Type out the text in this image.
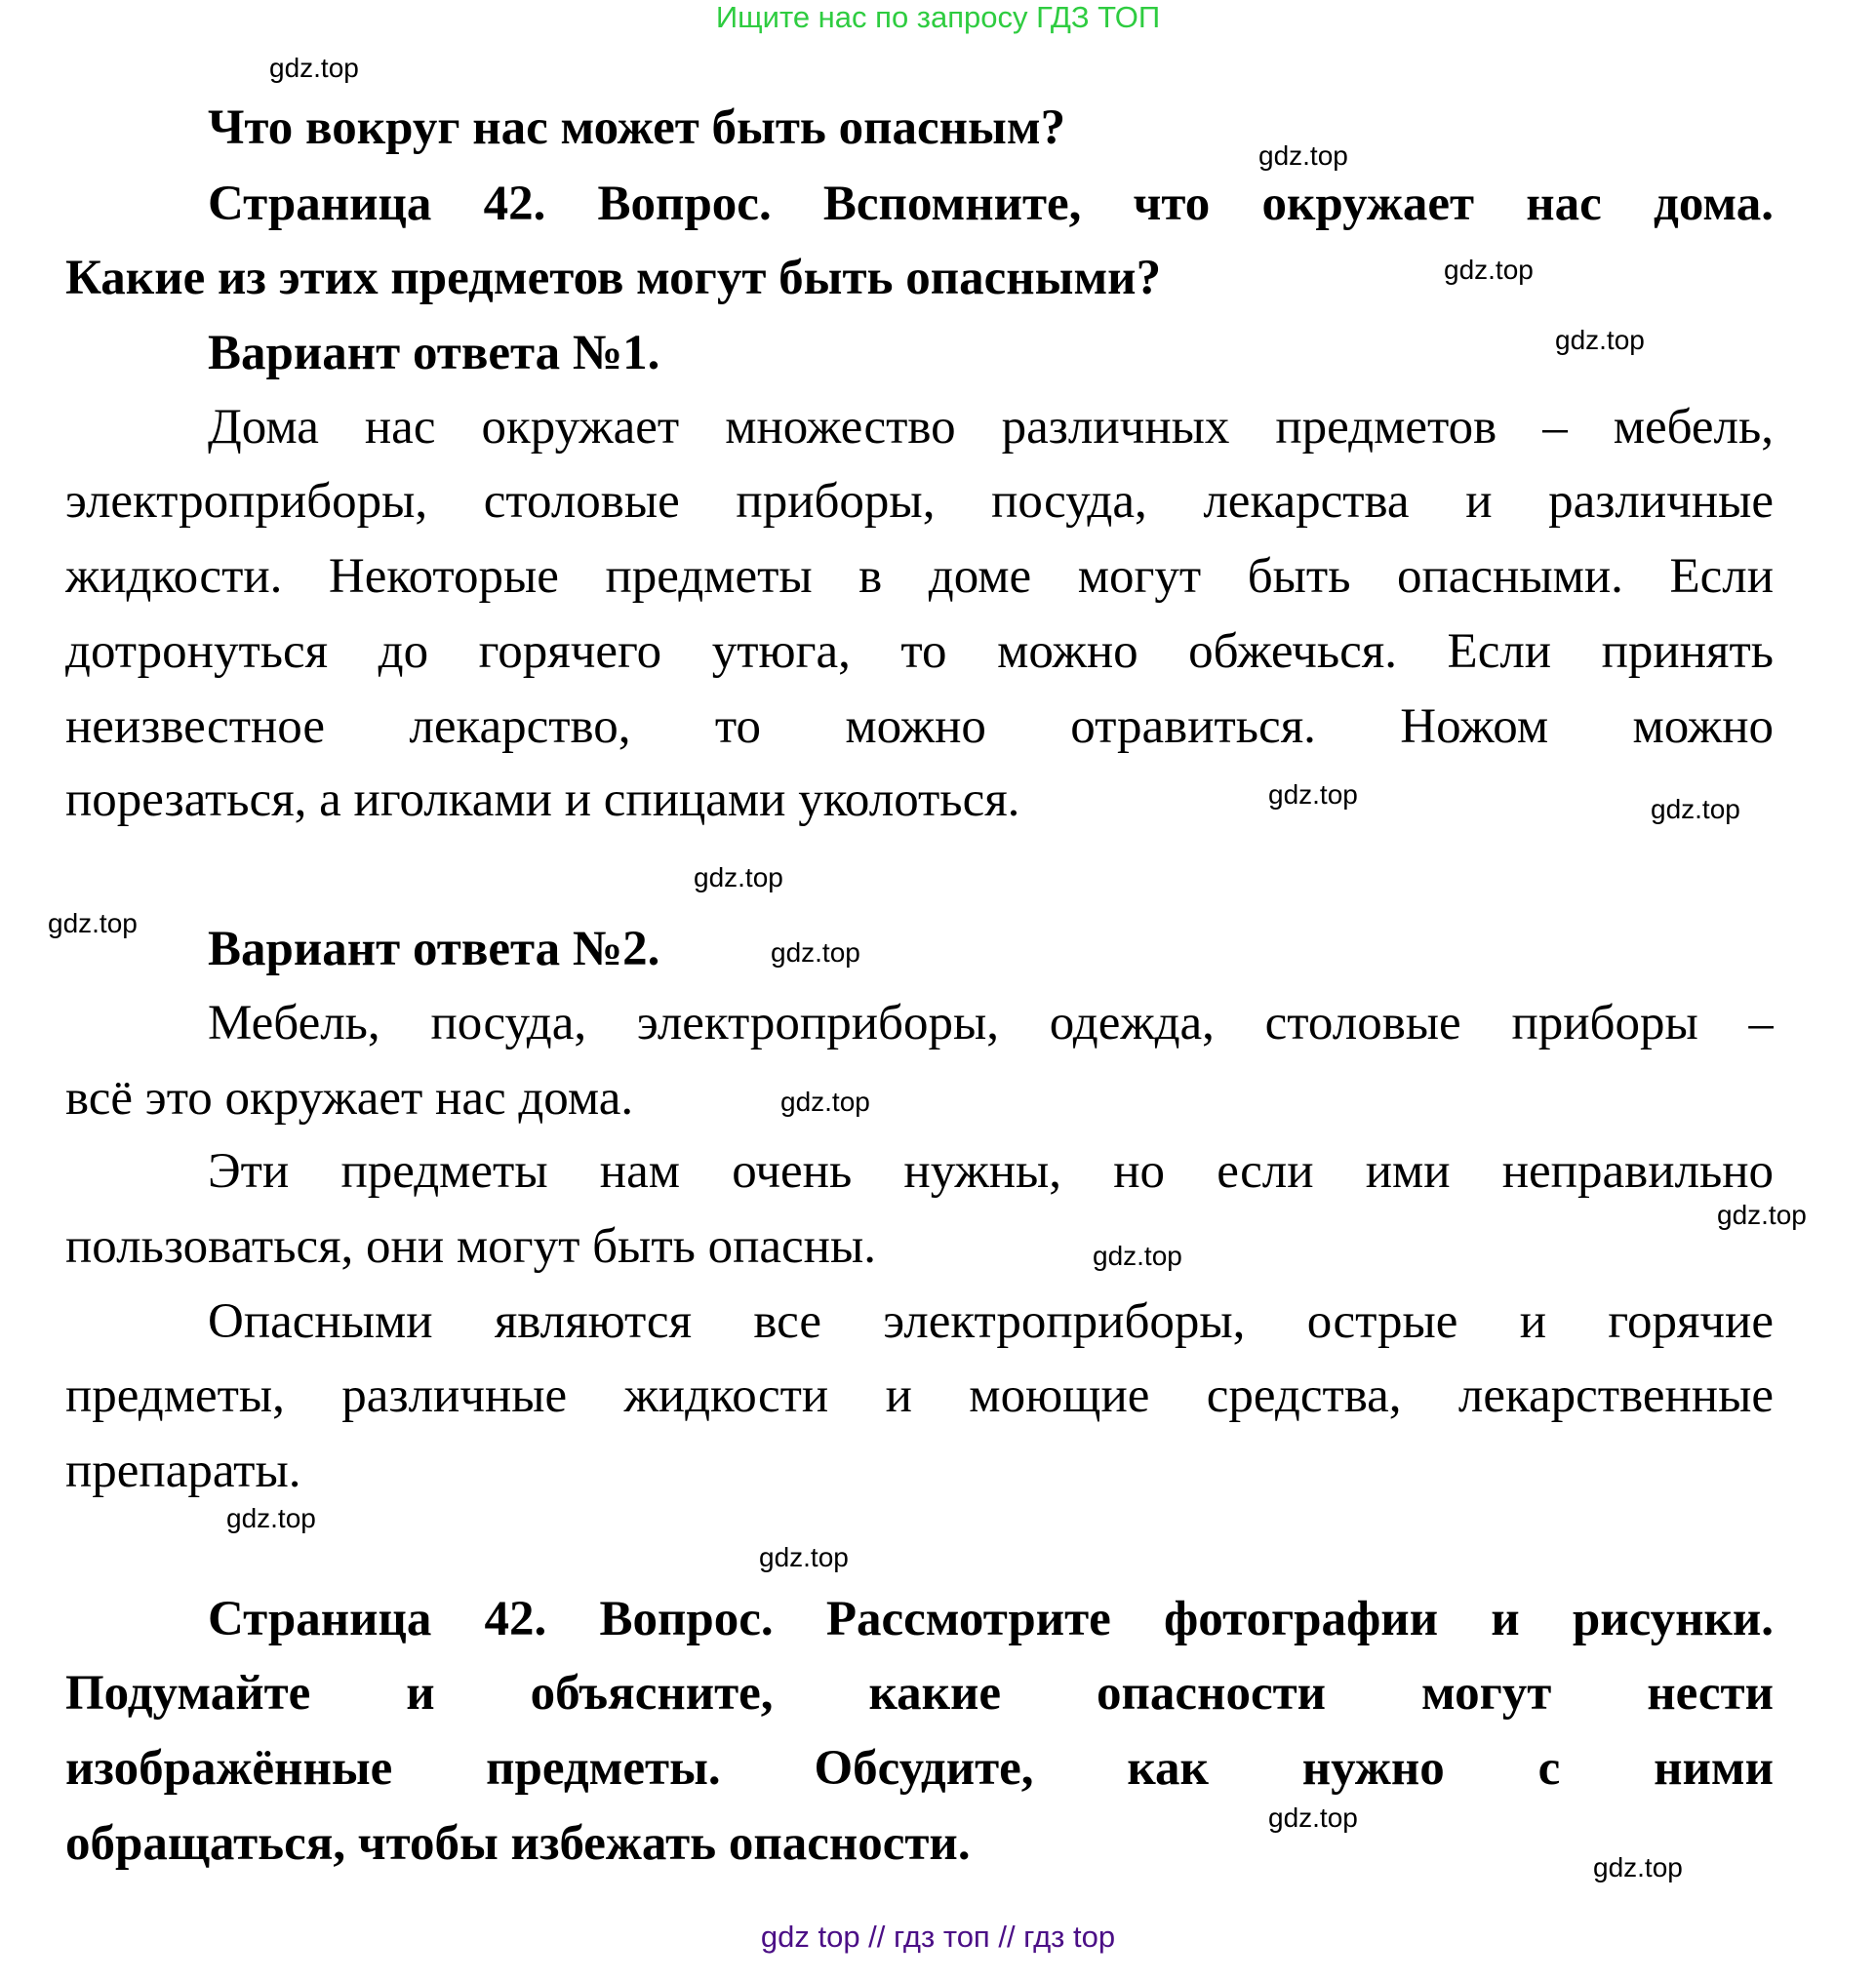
Ищите нас по запросу ГДЗ ТОП
Что вокруг нас может быть опасным?
Страница 42. Вопрос. Вспомните, что окружает нас дома.
Какие из этих предметов могут быть опасными?
Вариант ответа №1.
Дома нас окружает множество различных предметов – мебель,
электроприборы, столовые приборы, посуда, лекарства и различные
жидкости. Некоторые предметы в доме могут быть опасными. Если
дотронуться до горячего утюга, то можно обжечься. Если принять
неизвестное лекарство, то можно отравиться. Ножом можно
порезаться, а иголками и спицами уколоться.
Вариант ответа №2.
Мебель, посуда, электроприборы, одежда, столовые приборы –
всё это окружает нас дома.
Эти предметы нам очень нужны, но если ими неправильно
пользоваться, они могут быть опасны.
Опасными являются все электроприборы, острые и горячие
предметы, различные жидкости и моющие средства, лекарственные
препараты.
Страница 42. Вопрос. Рассмотрите фотографии и рисунки.
Подумайте и объясните, какие опасности могут нести
изображённые предметы. Обсудите, как нужно с ними
обращаться, чтобы избежать опасности.
gdz.top
gdz.top
gdz.top
gdz.top
gdz.top	gdz.top
gdz.top
gdz.top
gdz.top
gdz.top
gdz.top
gdz.top
gdz.top
gdz.top
gdz.top
gdz.top
gdz top // гдз топ // гдз top
